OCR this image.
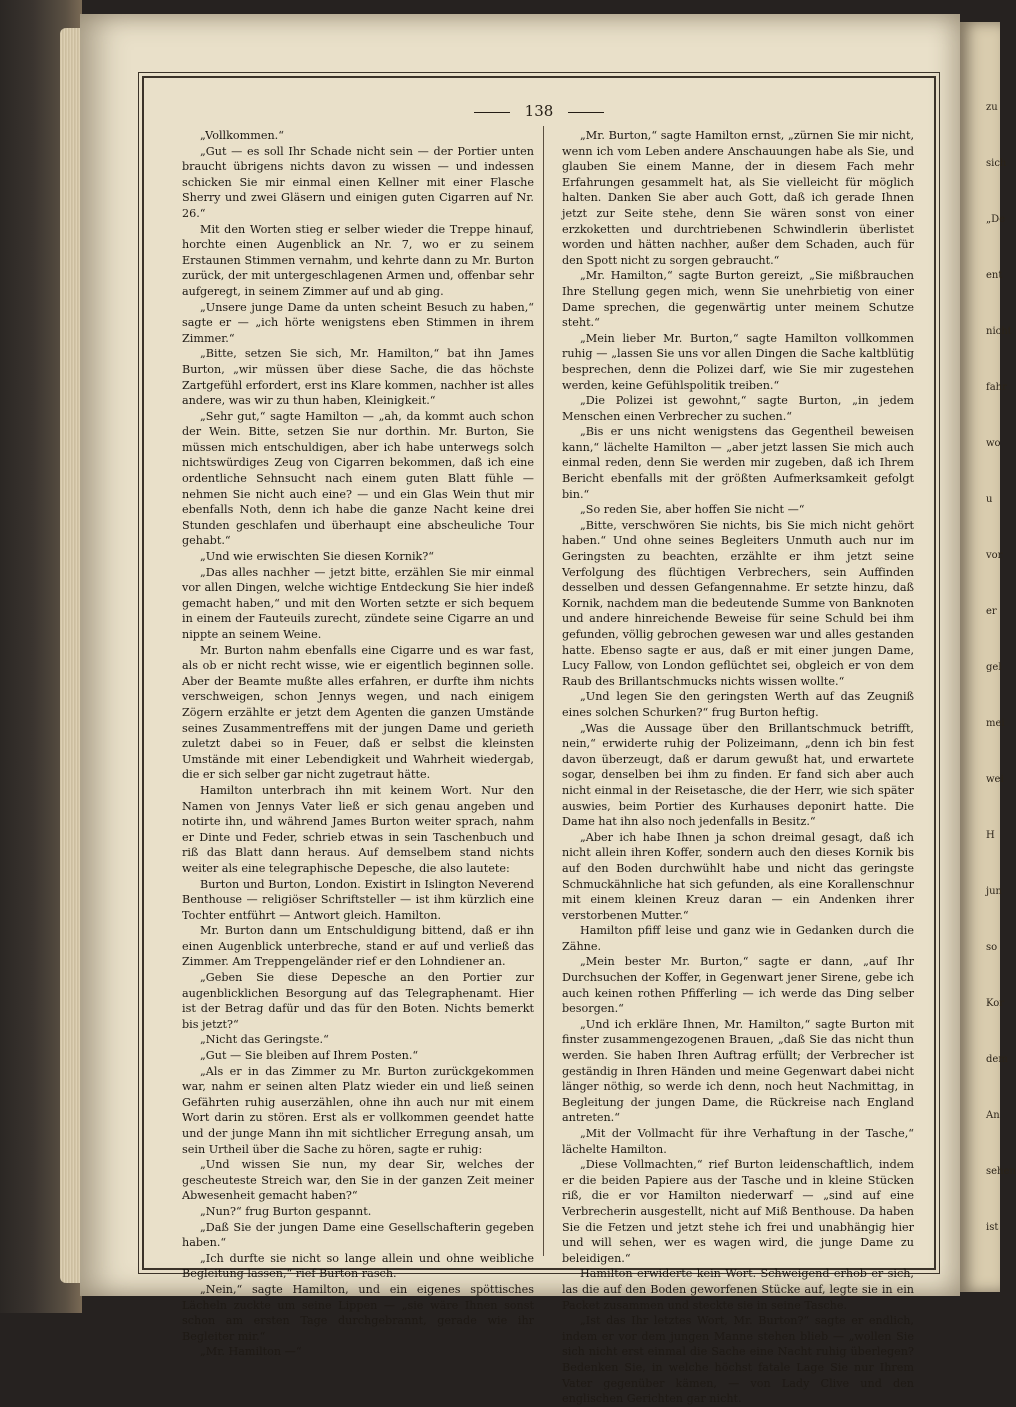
138

„Vollkommen.“

„Gut — es soll Ihr Schade nicht sein — der Portier unten braucht übrigens nichts davon zu wissen — und indessen schicken Sie mir einmal einen Kellner mit einer Flasche Sherry und zwei Gläsern und einigen guten Cigarren auf Nr. 26.“

Mit den Worten stieg er selber wieder die Treppe hinauf, horchte einen Augenblick an Nr. 7, wo er zu seinem Erstaunen Stimmen vernahm, und kehrte dann zu Mr. Burton zurück, der mit untergeschlagenen Armen und, offenbar sehr aufgeregt, in seinem Zimmer auf und ab ging.

„Unsere junge Dame da unten scheint Besuch zu haben,“ sagte er — „ich hörte wenigstens eben Stimmen in ihrem Zimmer.“

„Bitte, setzen Sie sich, Mr. Hamilton,“ bat ihn James Burton, „wir müssen über diese Sache, die das höchste Zartgefühl erfordert, erst ins Klare kommen, nachher ist alles andere, was wir zu thun haben, Kleinigkeit.“

„Sehr gut,“ sagte Hamilton — „ah, da kommt auch schon der Wein. Bitte, setzen Sie nur dorthin. Mr. Burton, Sie müssen mich entschuldigen, aber ich habe unterwegs solch nichtswürdiges Zeug von Cigarren bekommen, daß ich eine ordentliche Sehnsucht nach einem guten Blatt fühle — nehmen Sie nicht auch eine? — und ein Glas Wein thut mir ebenfalls Noth, denn ich habe die ganze Nacht keine drei Stunden geschlafen und überhaupt eine abscheuliche Tour gehabt.“

„Und wie erwischten Sie diesen Kornik?“

„Das alles nachher — jetzt bitte, erzählen Sie mir einmal vor allen Dingen, welche wichtige Entdeckung Sie hier indeß gemacht haben,“ und mit den Worten setzte er sich bequem in einem der Fauteuils zurecht, zündete seine Cigarre an und nippte an seinem Weine.

Mr. Burton nahm ebenfalls eine Cigarre und es war fast, als ob er nicht recht wisse, wie er eigentlich beginnen solle. Aber der Beamte mußte alles erfahren, er durfte ihm nichts verschweigen, schon Jennys wegen, und nach einigem Zögern erzählte er jetzt dem Agenten die ganzen Umstände seines Zusammentreffens mit der jungen Dame und gerieth zuletzt dabei so in Feuer, daß er selbst die kleinsten Umstände mit einer Lebendigkeit und Wahrheit wiedergab, die er sich selber gar nicht zugetraut hätte.

Hamilton unterbrach ihn mit keinem Wort. Nur den Namen von Jennys Vater ließ er sich genau angeben und notirte ihn, und während James Burton weiter sprach, nahm er Dinte und Feder, schrieb etwas in sein Taschenbuch und riß das Blatt dann heraus. Auf demselbem stand nichts weiter als eine telegraphische Depesche, die also lautete:

Burton und Burton, London. Existirt in Islington Neverend Benthouse — religiöser Schriftsteller — ist ihm kürzlich eine Tochter entführt — Antwort gleich. Hamilton.

Mr. Burton dann um Entschuldigung bittend, daß er ihn einen Augenblick unterbreche, stand er auf und verließ das Zimmer. Am Treppengeländer rief er den Lohndiener an.

„Geben Sie diese Depesche an den Portier zur augenblicklichen Besorgung auf das Telegraphenamt. Hier ist der Betrag dafür und das für den Boten. Nichts bemerkt bis jetzt?“

„Nicht das Geringste.“

„Gut — Sie bleiben auf Ihrem Posten.“

„Als er in das Zimmer zu Mr. Burton zurückgekommen war, nahm er seinen alten Platz wieder ein und ließ seinen Gefährten ruhig auserzählen, ohne ihn auch nur mit einem Wort darin zu stören. Erst als er vollkommen geendet hatte und der junge Mann ihn mit sichtlicher Erregung ansah, um sein Urtheil über die Sache zu hören, sagte er ruhig:

„Und wissen Sie nun, my dear Sir, welches der gescheuteste Streich war, den Sie in der ganzen Zeit meiner Abwesenheit gemacht haben?“

„Nun?“ frug Burton gespannt.

„Daß Sie der jungen Dame eine Gesellschafterin gegeben haben.“

„Ich durfte sie nicht so lange allein und ohne weibliche Begleitung lassen,“ rief Burton rasch.

„Nein,“ sagte Hamilton, und ein eigenes spöttisches Lächeln zuckte um seine Lippen — „sie wäre Ihnen sonst schon am ersten Tage durchgebrannt, gerade wie ihr Begleiter mir.“

„Mr. Hamilton —“

„Mr. Burton,“ sagte Hamilton ernst, „zürnen Sie mir nicht, wenn ich vom Leben andere Anschauungen habe als Sie, und glauben Sie einem Manne, der in diesem Fach mehr Erfahrungen gesammelt hat, als Sie vielleicht für möglich halten. Danken Sie aber auch Gott, daß ich gerade Ihnen jetzt zur Seite stehe, denn Sie wären sonst von einer erzkoketten und durchtriebenen Schwindlerin überlistet worden und hätten nachher, außer dem Schaden, auch für den Spott nicht zu sorgen gebraucht.“

„Mr. Hamilton,“ sagte Burton gereizt, „Sie mißbrauchen Ihre Stellung gegen mich, wenn Sie unehrbietig von einer Dame sprechen, die gegenwärtig unter meinem Schutze steht.“

„Mein lieber Mr. Burton,“ sagte Hamilton vollkommen ruhig — „lassen Sie uns vor allen Dingen die Sache kaltblütig besprechen, denn die Polizei darf, wie Sie mir zugestehen werden, keine Gefühlspolitik treiben.“

„Die Polizei ist gewohnt,“ sagte Burton, „in jedem Menschen einen Verbrecher zu suchen.“

„Bis er uns nicht wenigstens das Gegentheil beweisen kann,“ lächelte Hamilton — „aber jetzt lassen Sie mich auch einmal reden, denn Sie werden mir zugeben, daß ich Ihrem Bericht ebenfalls mit der größten Aufmerksamkeit gefolgt bin.“

„So reden Sie, aber hoffen Sie nicht —“

„Bitte, verschwören Sie nichts, bis Sie mich nicht gehört haben.“ Und ohne seines Begleiters Unmuth auch nur im Geringsten zu beachten, erzählte er ihm jetzt seine Verfolgung des flüchtigen Verbrechers, sein Auffinden desselben und dessen Gefangennahme. Er setzte hinzu, daß Kornik, nachdem man die bedeutende Summe von Banknoten und andere hinreichende Beweise für seine Schuld bei ihm gefunden, völlig gebrochen gewesen war und alles gestanden hatte. Ebenso sagte er aus, daß er mit einer jungen Dame, Lucy Fallow, von London geflüchtet sei, obgleich er von dem Raub des Brillantschmucks nichts wissen wollte.“

„Und legen Sie den geringsten Werth auf das Zeugniß eines solchen Schurken?“ frug Burton heftig.

„Was die Aussage über den Brillantschmuck betrifft, nein,“ erwiderte ruhig der Polizeimann, „denn ich bin fest davon überzeugt, daß er darum gewußt hat, und erwartete sogar, denselben bei ihm zu finden. Er fand sich aber auch nicht einmal in der Reisetasche, die der Herr, wie sich später auswies, beim Portier des Kurhauses deponirt hatte. Die Dame hat ihn also noch jedenfalls in Besitz.“

„Aber ich habe Ihnen ja schon dreimal gesagt, daß ich nicht allein ihren Koffer, sondern auch den dieses Kornik bis auf den Boden durchwühlt habe und nicht das geringste Schmuckähnliche hat sich gefunden, als eine Korallenschnur mit einem kleinen Kreuz daran — ein Andenken ihrer verstorbenen Mutter.“

Hamilton pfiff leise und ganz wie in Gedanken durch die Zähne.

„Mein bester Mr. Burton,“ sagte er dann, „auf Ihr Durchsuchen der Koffer, in Gegenwart jener Sirene, gebe ich auch keinen rothen Pfifferling — ich werde das Ding selber besorgen.“

„Und ich erkläre Ihnen, Mr. Hamilton,“ sagte Burton mit finster zusammengezogenen Brauen, „daß Sie das nicht thun werden. Sie haben Ihren Auftrag erfüllt; der Verbrecher ist geständig in Ihren Händen und meine Gegenwart dabei nicht länger nöthig, so werde ich denn, noch heut Nachmittag, in Begleitung der jungen Dame, die Rückreise nach England antreten.“

„Mit der Vollmacht für ihre Verhaftung in der Tasche,“ lächelte Hamilton.

„Diese Vollmachten,“ rief Burton leidenschaftlich, indem er die beiden Papiere aus der Tasche und in kleine Stücken riß, die er vor Hamilton niederwarf — „sind auf eine Verbrecherin ausgestellt, nicht auf Miß Benthouse. Da haben Sie die Fetzen und jetzt stehe ich frei und unabhängig hier und will sehen, wer es wagen wird, die junge Dame zu beleidigen.“

Hamilton erwiderte kein Wort. Schweigend erhob er sich, las die auf den Boden geworfenen Stücke auf, legte sie in ein Packet zusammen und steckte sie in seine Tasche.

„Ist das Ihr letztes Wort, Mr. Burton?“ sagte er endlich, indem er vor dem jungen Manne stehen blieb — „wollen Sie sich nicht erst einmal die Sache eine Nacht ruhig überlegen? Bedenken Sie, in welche höchst fatale Lage Sie nur Ihrem Vater gegenüber kämen, — von Lady Clive und den englischen Gerichten gar nicht.

zu
sich
„De
ent
nicht
fahr
wo
u
vor
er
gel
mei
wei
H
jun
so
Kor
dem
An
sehen
ist
